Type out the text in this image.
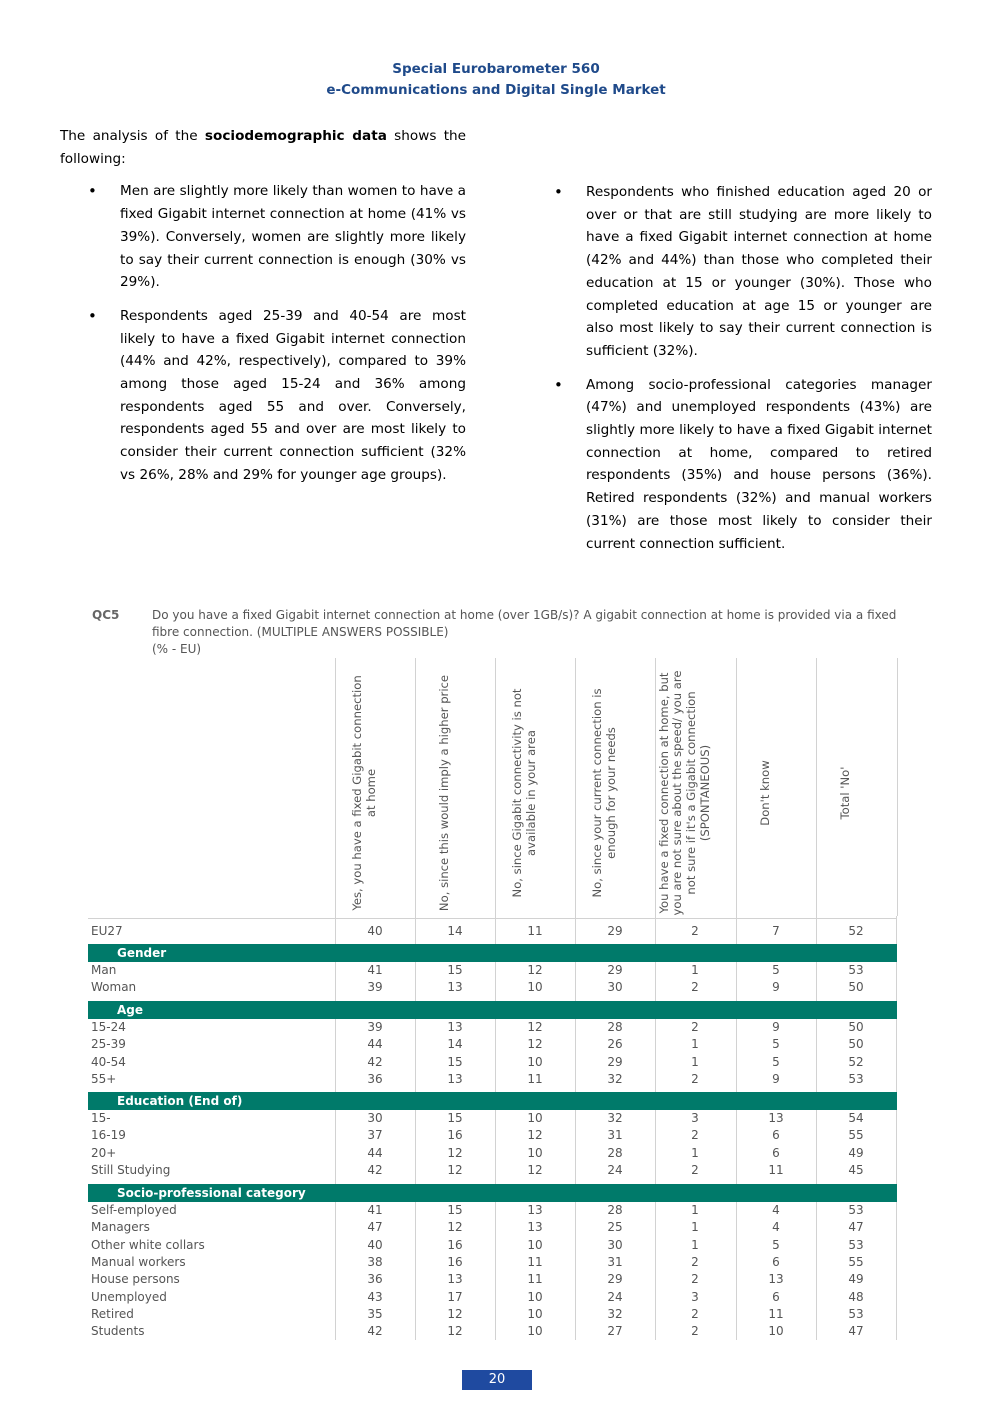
Special Eurobarometer 560
e-Communications and Digital Single Market

The analysis of the sociodemographic data shows the following:

• Men are slightly more likely than women to have a fixed Gigabit internet connection at home (41% vs 39%). Conversely, women are slightly more likely to say their current connection is enough (30% vs 29%).
• Respondents aged 25-39 and 40-54 are most likely to have a fixed Gigabit internet connection (44% and 42%, respectively), compared to 39% among those aged 15-24 and 36% among respondents aged 55 and over. Conversely, respondents aged 55 and over are most likely to consider their current connection sufficient (32% vs 26%, 28% and 29% for younger age groups).
• Respondents who finished education aged 20 or over or that are still studying are more likely to have a fixed Gigabit internet connection at home (42% and 44%) than those who completed their education at 15 or younger (30%). Those who completed education at age 15 or younger are also most likely to say their current connection is sufficient (32%).
• Among socio-professional categories manager (47%) and unemployed respondents (43%) are slightly more likely to have a fixed Gigabit internet connection at home, compared to retired respondents (35%) and house persons (36%). Retired respondents (32%) and manual workers (31%) are those most likely to consider their current connection sufficient.
QC5	Do you have a fixed Gigabit internet connection at home (over 1GB/s)? A gigabit connection at home is provided via a fixed fibre connection. (MULTIPLE ANSWERS POSSIBLE)
(% - EU)
Yes, you have a fixed Gigabit connection at home	No, since this would imply a higher price	No, since Gigabit connectivity is not available in your area	No, since your current connection is enough for your needs	You have a fixed connection at home, but you are not sure about the speed/ you are not sure if it's a Gigabit connection (SPONTANEOUS)	Don't know	Total 'No'
EU27	40	14	11	29	2	7	52
Gender
Man	41	15	12	29	1	5	53
Woman	39	13	10	30	2	9	50
Age
15-24	39	13	12	28	2	9	50
25-39	44	14	12	26	1	5	50
40-54	42	15	10	29	1	5	52
55+	36	13	11	32	2	9	53
Education (End of)
15-	30	15	10	32	3	13	54
16-19	37	16	12	31	2	6	55
20+	44	12	10	28	1	6	49
Still Studying	42	12	12	24	2	11	45
Socio-professional category
Self-employed	41	15	13	28	1	4	53
Managers	47	12	13	25	1	4	47
Other white collars	40	16	10	30	1	5	53
Manual workers	38	16	11	31	2	6	55
House persons	36	13	11	29	2	13	49
Unemployed	43	17	10	24	3	6	48
Retired	35	12	10	32	2	11	53
Students	42	12	10	27	2	10	47
20
